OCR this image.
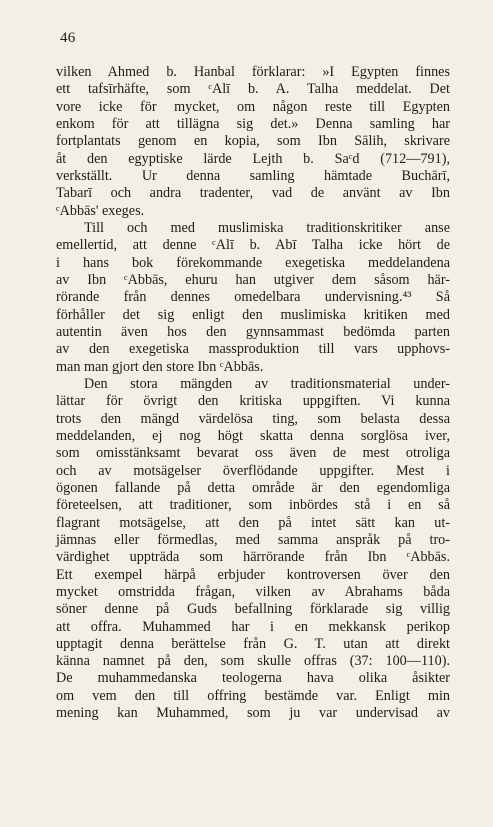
46
vilken Ahmed b. Hanbal förklarar: »I Egypten finnes
ett tafsīrhäfte, som ᶜAlī b. A. Talha meddelat. Det
vore icke för mycket, om någon reste till Egypten
enkom för att tillägna sig det.» Denna samling har
fortplantats genom en kopia, som Ibn Sālih, skrivare
åt den egyptiske lärde Lejth b. Saᶜd (712—791),
verkställt. Ur denna samling hämtade Buchārī,
Tabarī och andra tradenter, vad de använt av Ibn
ᶜAbbās' exeges.
Till och med muslimiska traditionskritiker anse
emellertid, att denne ᶜAlī b. Abī Talha icke hört de
i hans bok förekommande exegetiska meddelandena
av Ibn ᶜAbbās, ehuru han utgiver dem såsom här-
rörande från dennes omedelbara undervisning.⁴³ Så
förhåller det sig enligt den muslimiska kritiken med
autentin även hos den gynnsammast bedömda parten
av den exegetiska massproduktion till vars upphovs-
man man gjort den store Ibn ᶜAbbās.
Den stora mängden av traditionsmaterial under-
lättar för övrigt den kritiska uppgiften. Vi kunna
trots den mängd värdelösa ting, som belasta dessa
meddelanden, ej nog högt skatta denna sorglösa iver,
som omisstänksamt bevarat oss även de mest otroliga
och av motsägelser överflödande uppgifter. Mest i
ögonen fallande på detta område är den egendomliga
företeelsen, att traditioner, som inbördes stå i en så
flagrant motsägelse, att den på intet sätt kan ut-
jämnas eller förmedlas, med samma anspråk på tro-
värdighet uppträda som härrörande från Ibn ᶜAbbās.
Ett exempel härpå erbjuder kontroversen över den
mycket omstridda frågan, vilken av Abrahams båda
söner denne på Guds befallning förklarade sig villig
att offra. Muhammed har i en mekkansk perikop
upptagit denna berättelse från G. T. utan att direkt
känna namnet på den, som skulle offras (37: 100—110).
De muhammedanska teologerna hava olika åsikter
om vem den till offring bestämde var. Enligt min
mening kan Muhammed, som ju var undervisad av
